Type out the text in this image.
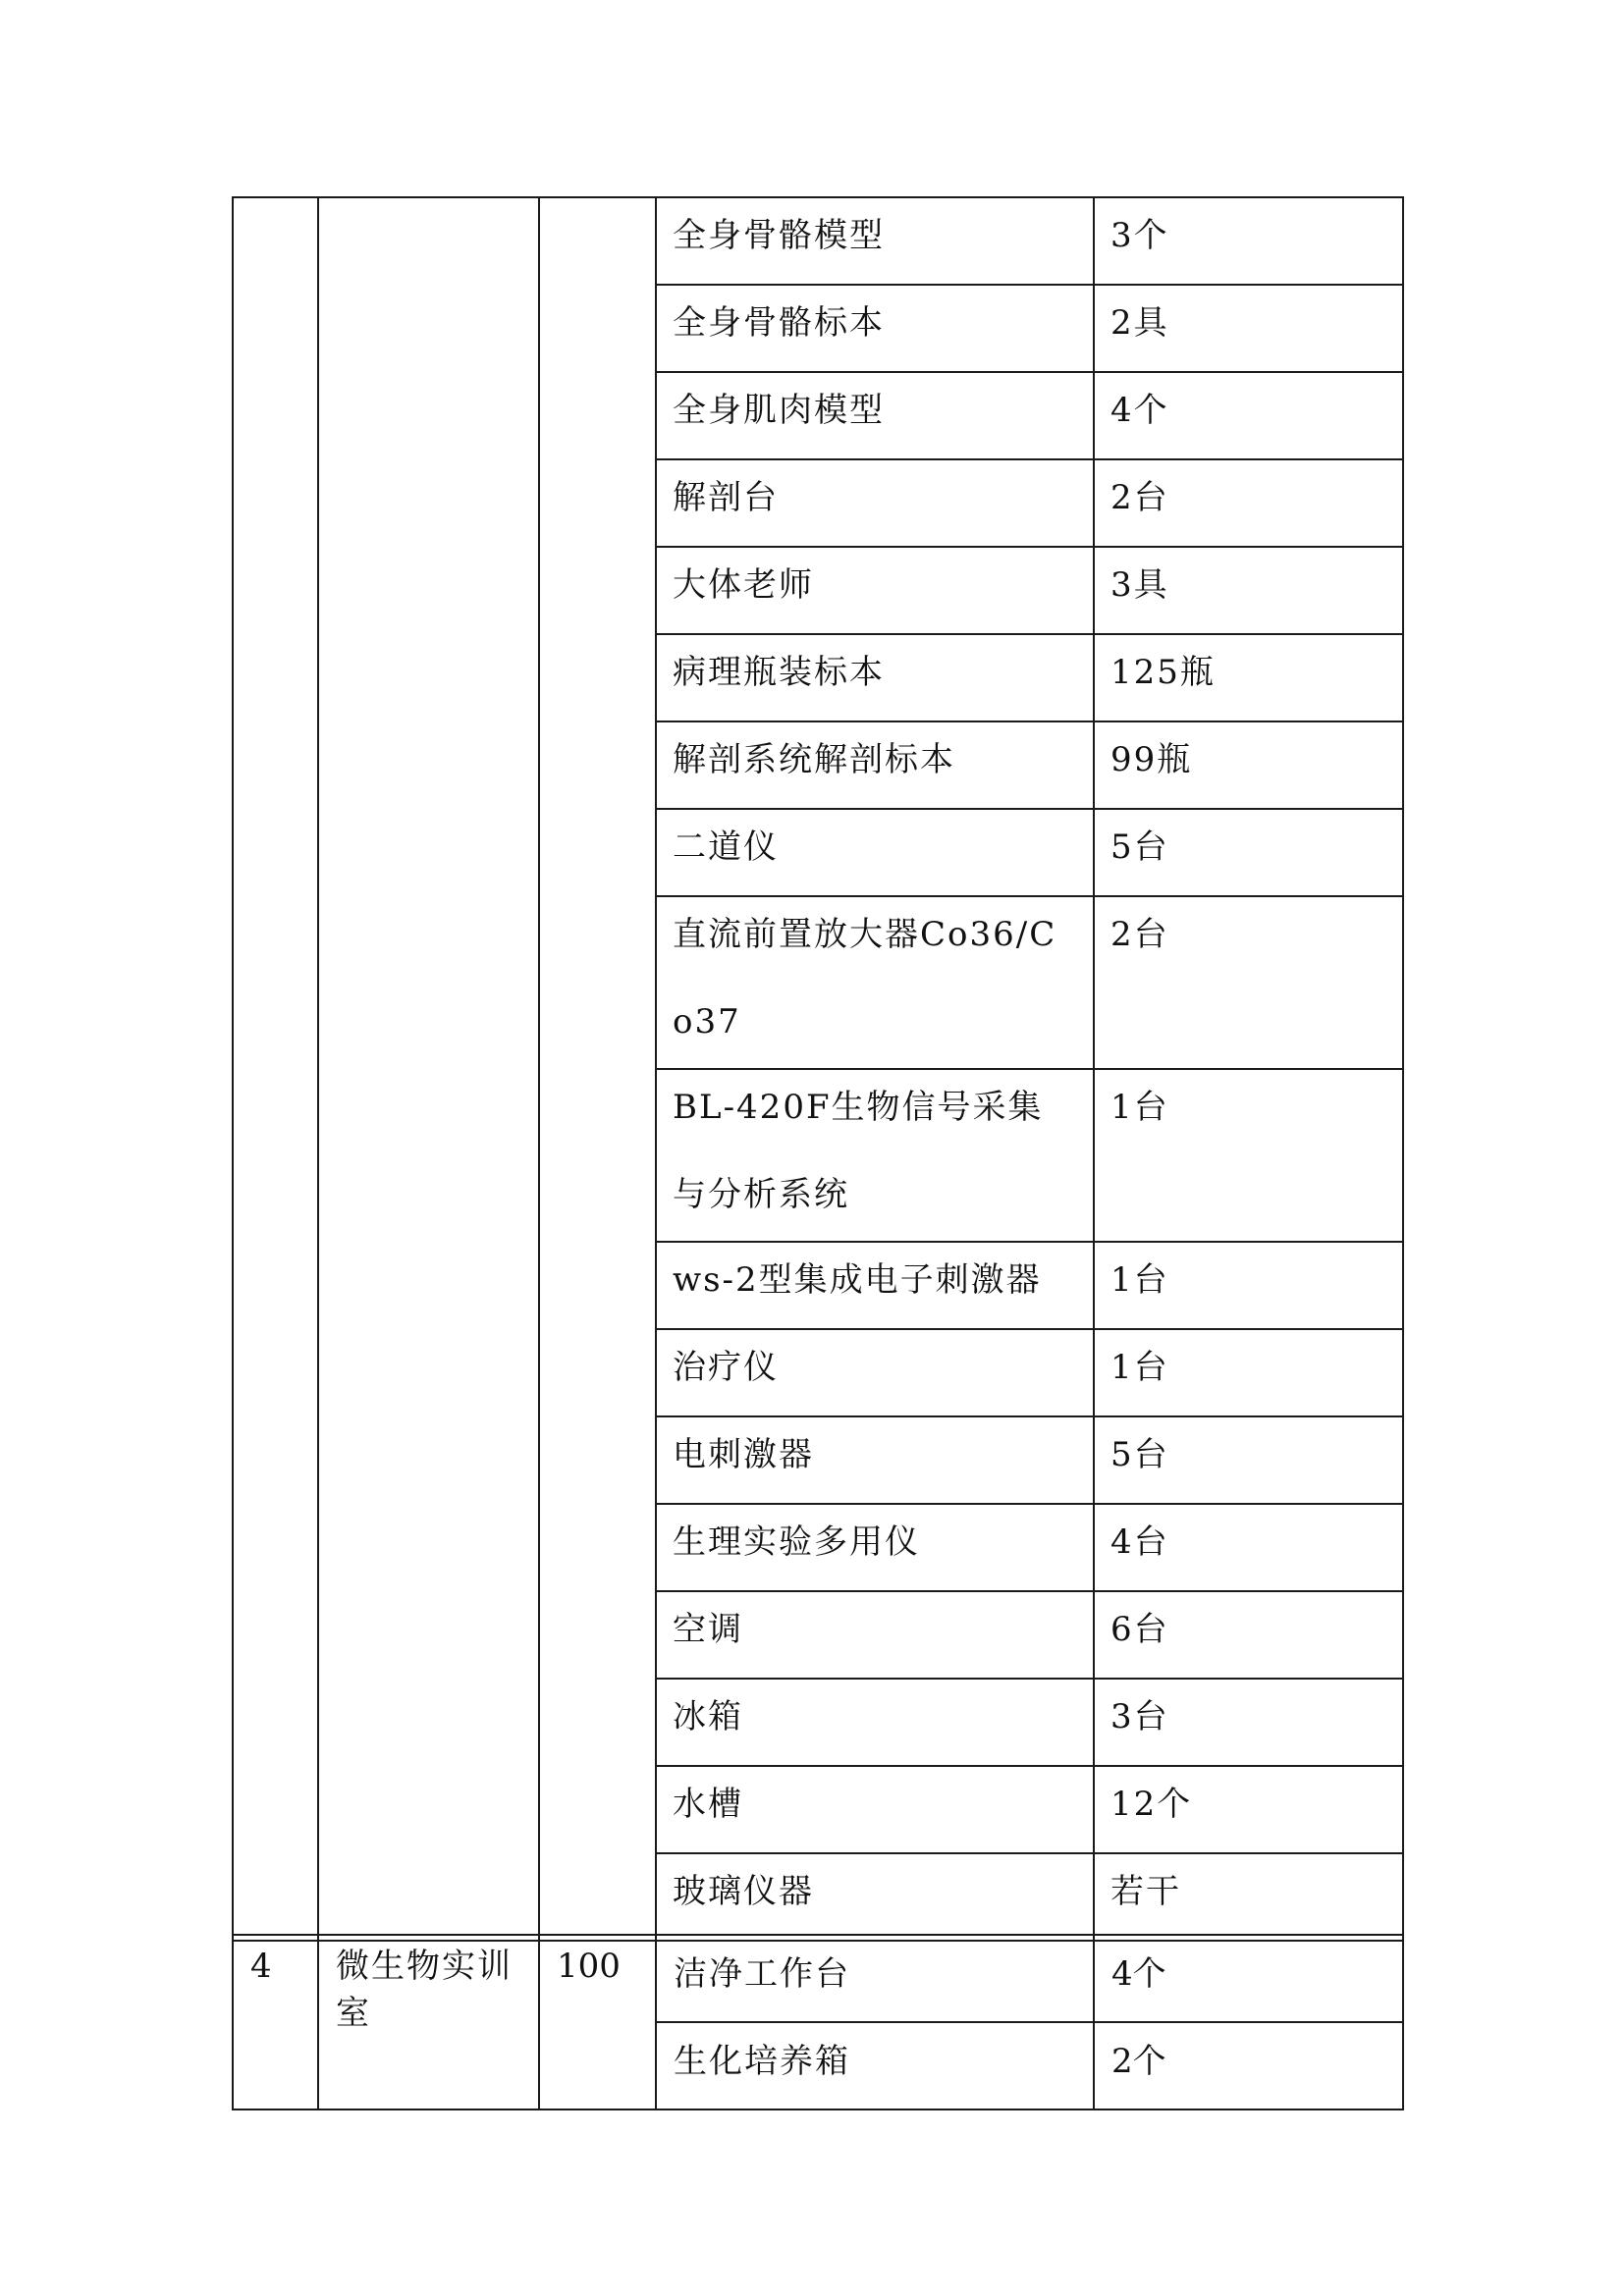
			全身骨骼模型	3个

			全身骨骼标本	2具

			全身肌肉模型	4个

			解剖台	2台

			大体老师	3具

			病理瓶装标本	125瓶

			解剖系统解剖标本	99瓶

			二道仪	5台

			直流前置放大器Co36/Co37	2台

			BL-420F生物信号采集与分析系统	1台

			ws-2型集成电子刺激器	1台

			治疗仪	1台

			电刺激器	5台

			生理实验多用仪	4台

			空调	6台

			冰箱	3台

			水槽	12个

			玻璃仪器	若干
4	微生物实训室	100	洁净工作台	4个

			生化培养箱	2个
